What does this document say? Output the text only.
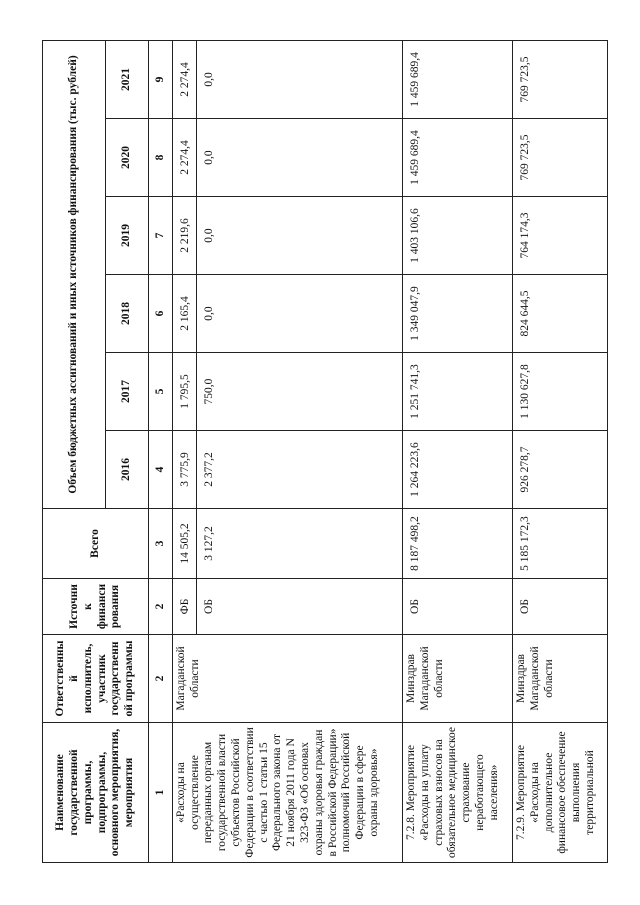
Наименование государственной программы, подпрограммы, основного мероприятия, мероприятия	Ответственный исполнитель, участник государственной программы	Источник финансирования	Всего	Объем бюджетных ассигнований и иных источников финансирования (тыс. рублей)					
				2016	2017	2018	2019	2020	2021
1	2	2	3	4	5	6	7	8	9
«Расходы на осуществление переданных органам государственной власти субъектов Российской Федерации в соответствии с частью 1 статьи 15 Федерального закона от 21 ноября 2011 года N 323-ФЗ «Об основах охраны здоровья граждан в Российской Федерации» полномочий Российской Федерации в сфере охраны здоровья»	Магаданской области	ФБ	14 505,2	3 775,9	1 795,5	2 165,4	2 219,6	2 274,4	2 274,4
		ОБ	3 127,2	2 377,2	750,0	0,0	0,0	0,0	0,0
7.2.8. Мероприятие «Расходы на уплату страховых взносов на обязательное медицинское страхование неработающего населения»	Минздрав Магаданской области	ОБ	8 187 498,2	1 264 223,6	1 251 741,3	1 349 047,9	1 403 106,6	1 459 689,4	1 459 689,4
7.2.9. Мероприятие «Расходы на дополнительное финансовое обеспечение выполнения территориальной	Минздрав Магаданской области	ОБ	5 185 172,3	926 278,7	1 130 627,8	824 644,5	764 174,3	769 723,5	769 723,5
